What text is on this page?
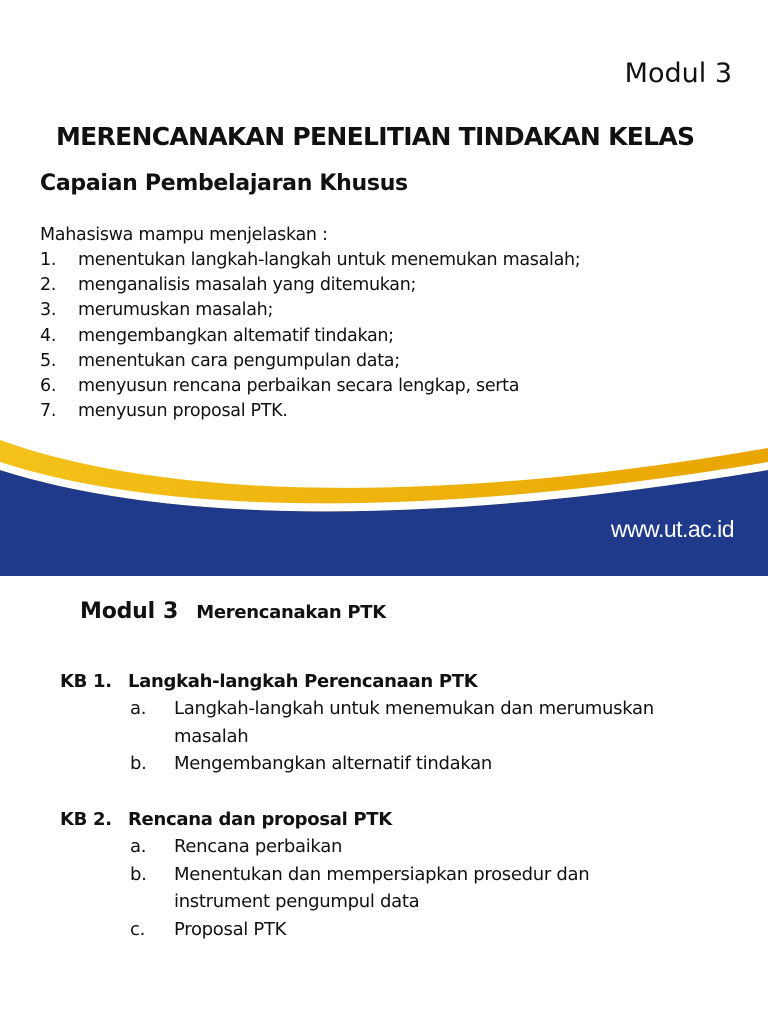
Modul 3
MERENCANAKAN PENELITIAN TINDAKAN KELAS
Capaian Pembelajaran Khusus
Mahasiswa mampu menjelaskan :
1. menentukan langkah-langkah untuk menemukan masalah;
2. menganalisis masalah yang ditemukan;
3. merumuskan masalah;
4. mengembangkan altematif tindakan;
5. menentukan cara pengumpulan data;
6. menyusun rencana perbaikan secara lengkap, serta
7. menyusun proposal PTK.
www.ut.ac.id
Modul 3 Merencanakan PTK
KB 1. Langkah-langkah Perencanaan PTK
a.	Langkah-langkah untuk menemukan dan merumuskan masalah
b.	Mengembangkan alternatif tindakan
KB 2. Rencana dan proposal PTK
a.	Rencana perbaikan
b.	Menentukan dan mempersiapkan prosedur dan instrument pengumpul data
c.	Proposal PTK
